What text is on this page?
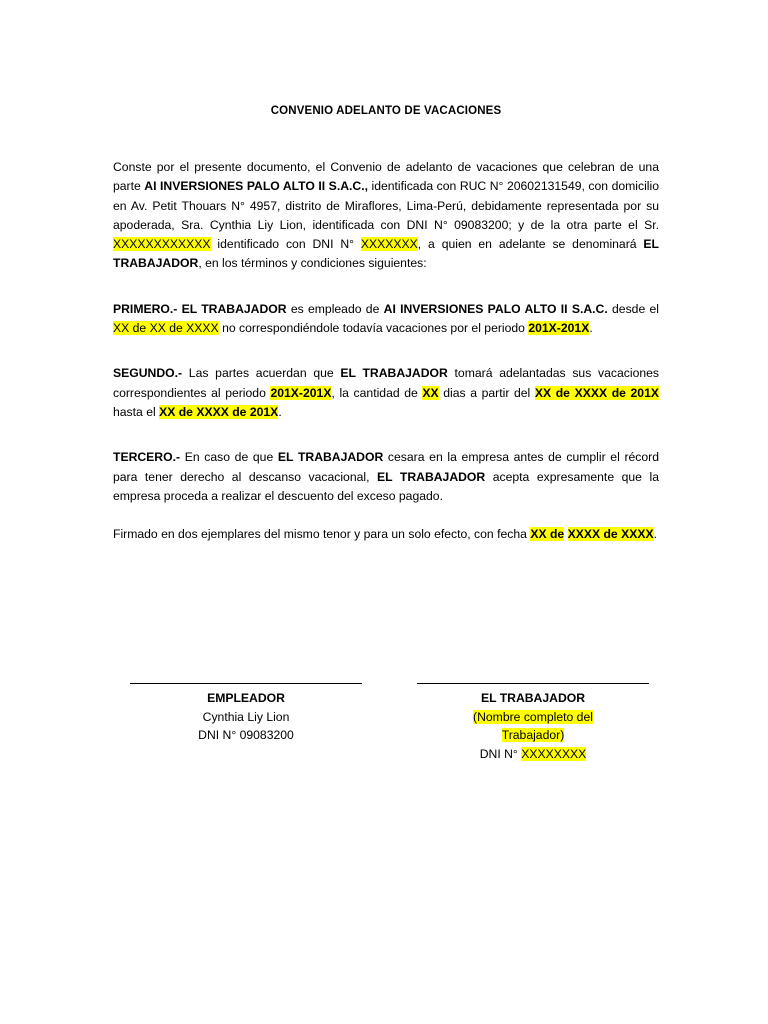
CONVENIO ADELANTO DE VACACIONES

Conste por el presente documento, el Convenio de adelanto de vacaciones que celebran de una parte AI INVERSIONES PALO ALTO II S.A.C., identificada con RUC N° 20602131549, con domicilio en Av. Petit Thouars N° 4957, distrito de Miraflores, Lima-Perú, debidamente representada por su apoderada, Sra. Cynthia Liy Lion, identificada con DNI N° 09083200; y de la otra parte el Sr. XXXXXXXXXXXX identificado con DNI N° XXXXXXX, a quien en adelante se denominará EL TRABAJADOR, en los términos y condiciones siguientes:

PRIMERO.- EL TRABAJADOR es empleado de AI INVERSIONES PALO ALTO II S.A.C. desde el XX de XX de XXXX no correspondiéndole todavía vacaciones por el periodo 201X-201X.

SEGUNDO.- Las partes acuerdan que EL TRABAJADOR tomará adelantadas sus vacaciones correspondientes al periodo 201X-201X, la cantidad de XX dias a partir del XX de XXXX de 201X hasta el XX de XXXX de 201X.

TERCERO.- En caso de que EL TRABAJADOR cesara en la empresa antes de cumplir el récord para tener derecho al descanso vacacional, EL TRABAJADOR acepta expresamente que la empresa proceda a realizar el descuento del exceso pagado.

Firmado en dos ejemplares del mismo tenor y para un solo efecto, con fecha XX de XXXX de XXXX.

EMPLEADOR
Cynthia Liy Lion
DNI N° 09083200
EL TRABAJADOR
(Nombre completo del
Trabajador)
DNI N° XXXXXXXX
